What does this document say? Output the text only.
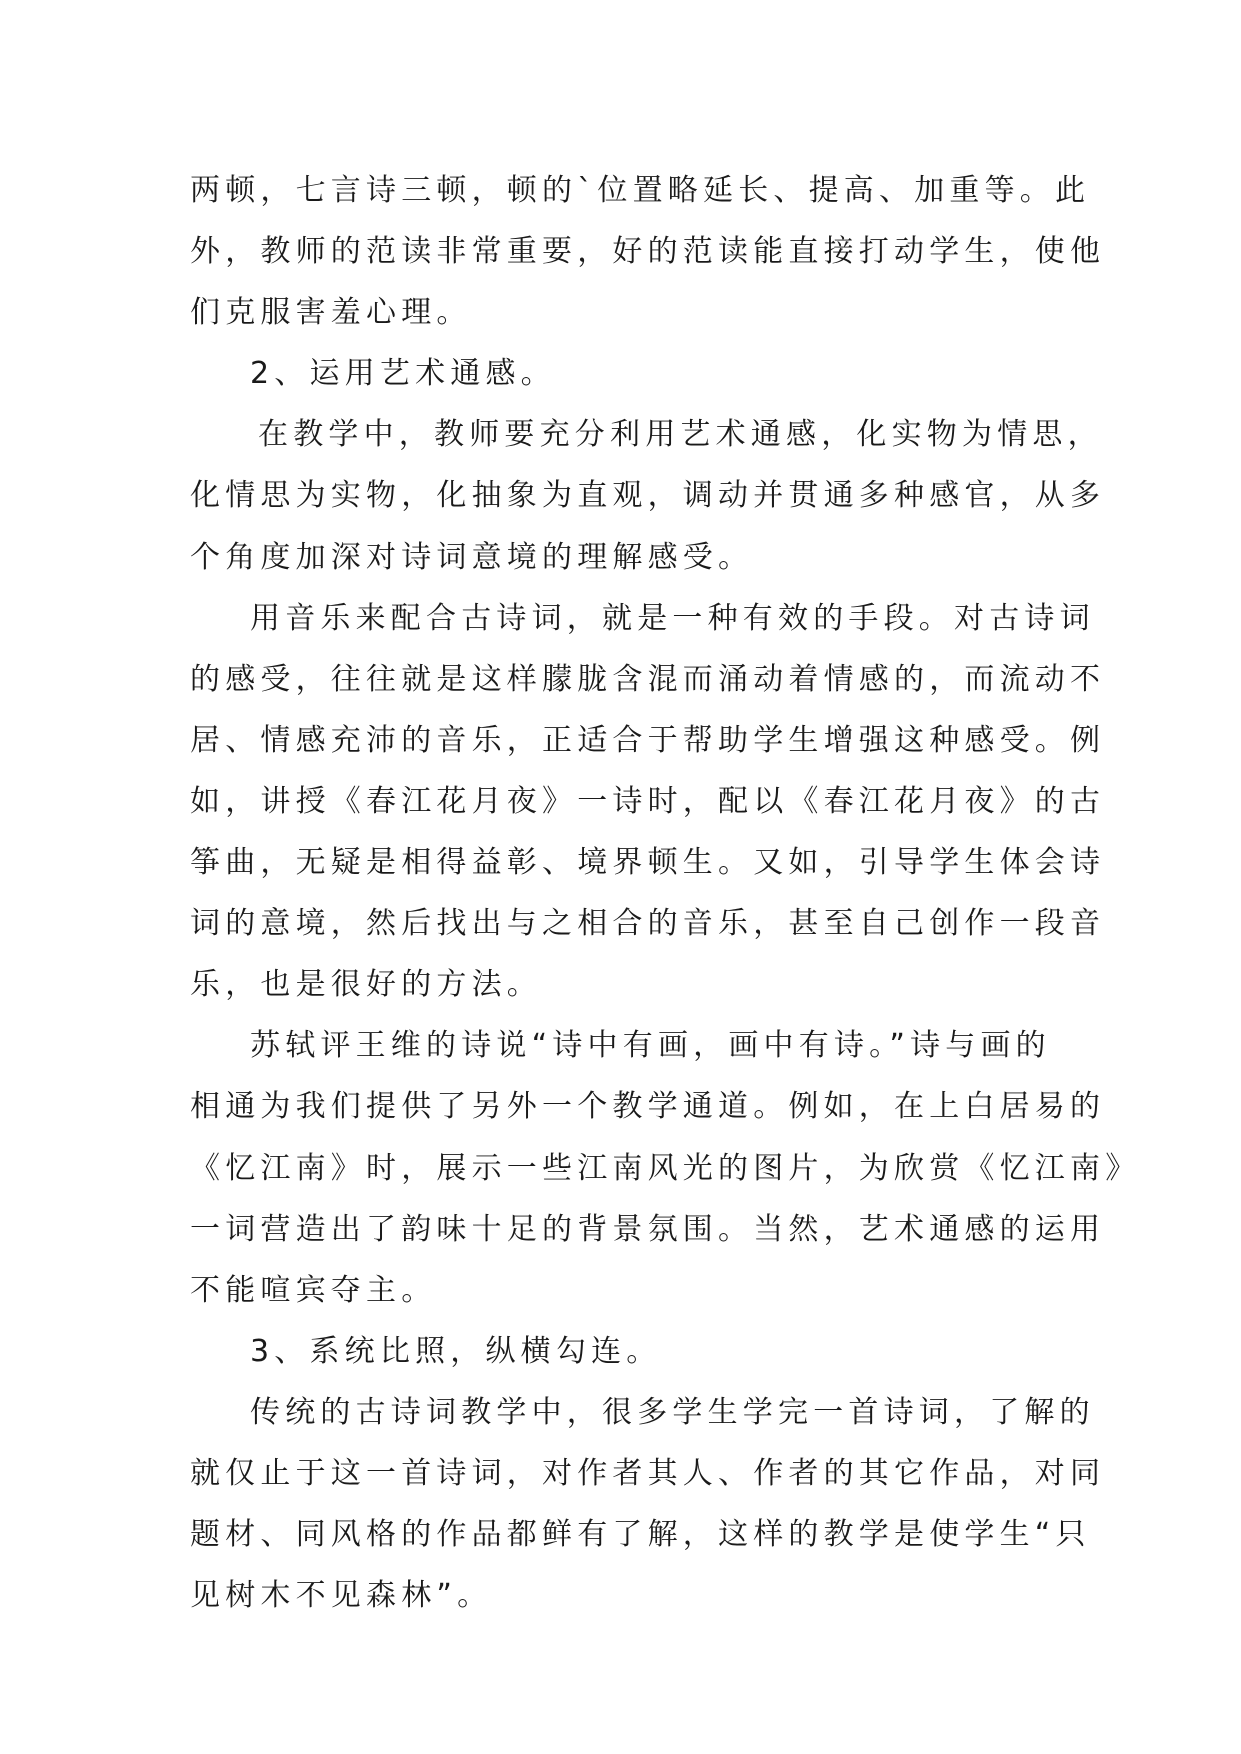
两顿，七言诗三顿，顿的`位置略延长、提高、加重等。此
外，教师的范读非常重要，好的范读能直接打动学生，使他
们克服害羞心理。
2、运用艺术通感。
在教学中，教师要充分利用艺术通感，化实物为情思，
化情思为实物，化抽象为直观，调动并贯通多种感官，从多
个角度加深对诗词意境的理解感受。
用音乐来配合古诗词，就是一种有效的手段。对古诗词
的感受，往往就是这样朦胧含混而涌动着情感的，而流动不
居、情感充沛的音乐，正适合于帮助学生增强这种感受。例
如，讲授《春江花月夜》一诗时，配以《春江花月夜》的古
筝曲，无疑是相得益彰、境界顿生。又如，引导学生体会诗
词的意境，然后找出与之相合的音乐，甚至自己创作一段音
乐，也是很好的方法。
苏轼评王维的诗说“诗中有画，画中有诗。”诗与画的
相通为我们提供了另外一个教学通道。例如，在上白居易的
《忆江南》时，展示一些江南风光的图片，为欣赏《忆江南》
一词营造出了韵味十足的背景氛围。当然，艺术通感的运用
不能喧宾夺主。
3、系统比照，纵横勾连。
传统的古诗词教学中，很多学生学完一首诗词，了解的
就仅止于这一首诗词，对作者其人、作者的其它作品，对同
题材、同风格的作品都鲜有了解，这样的教学是使学生“只
见树木不见森林”。
